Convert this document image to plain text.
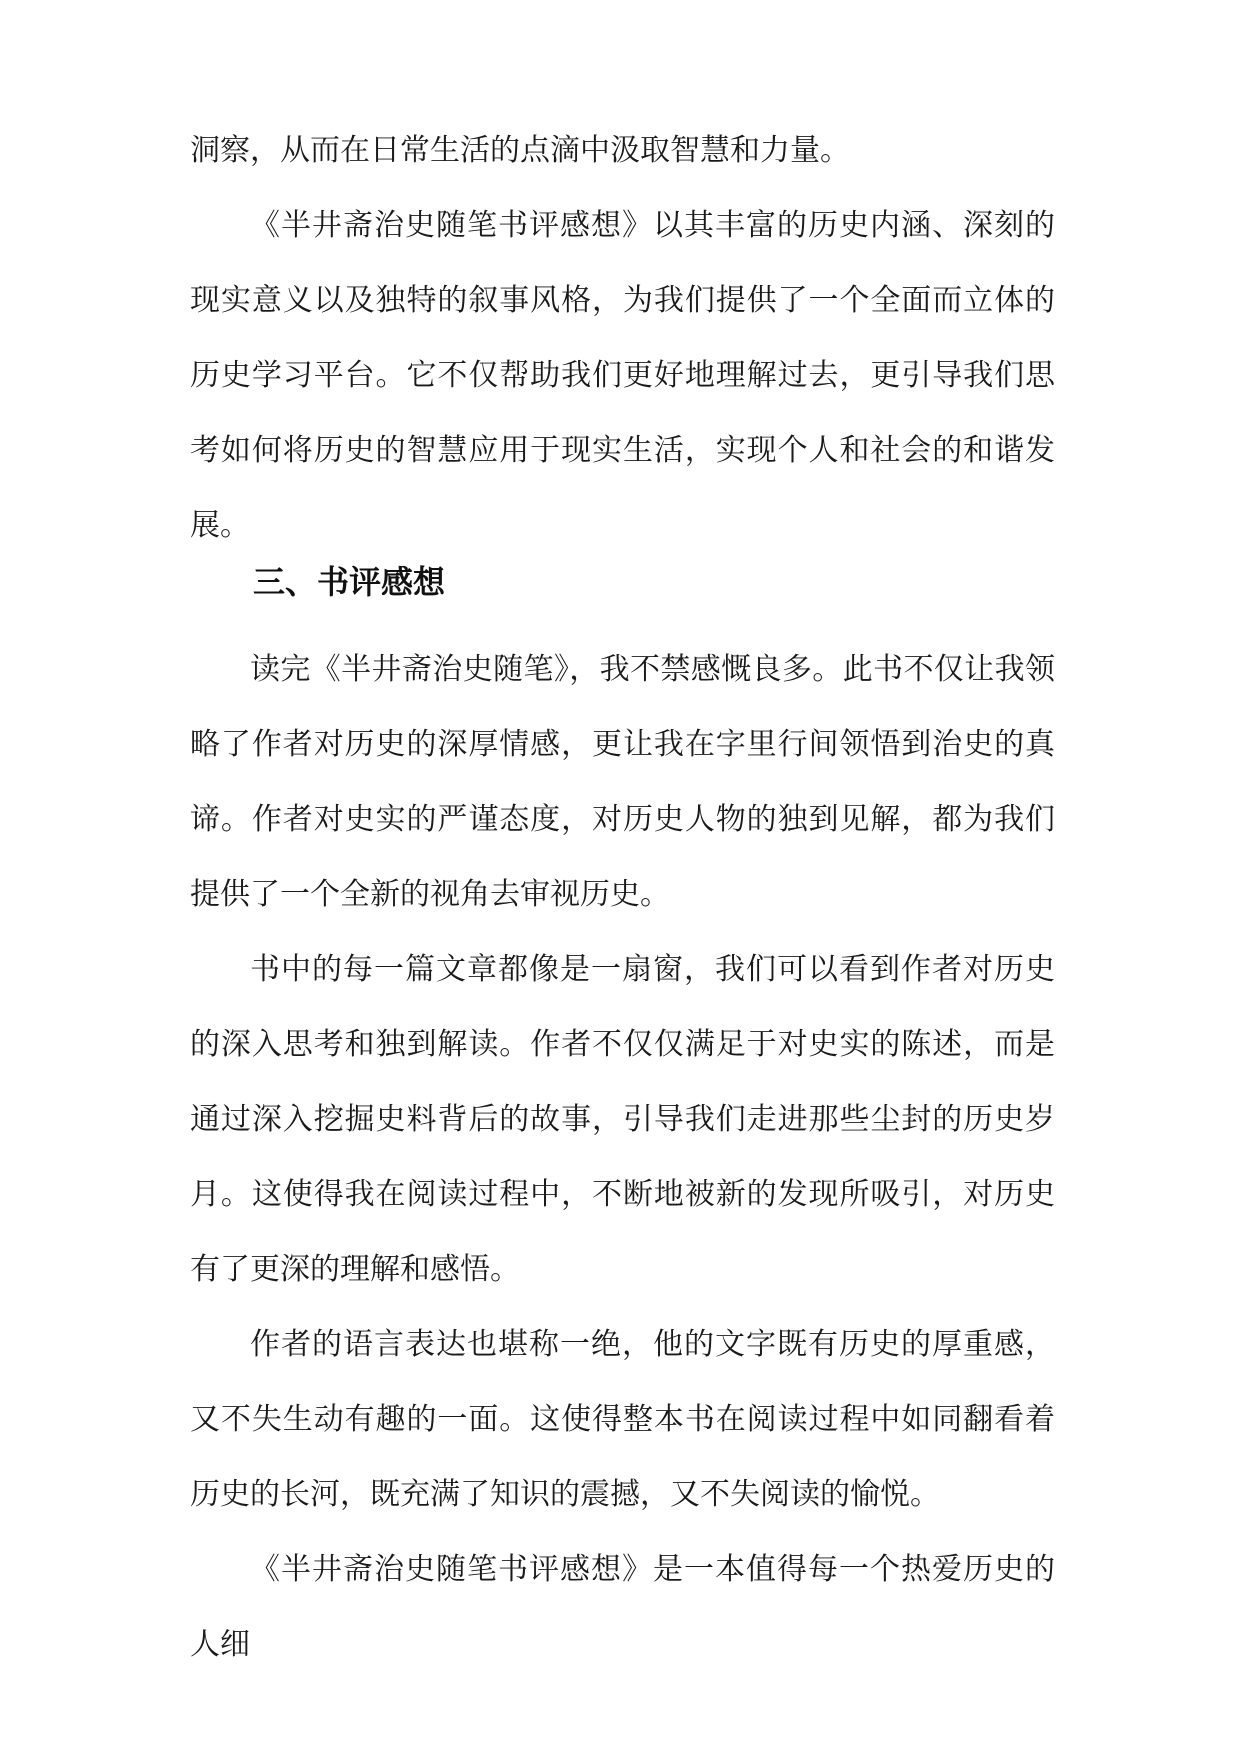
洞察，从而在日常生活的点滴中汲取智慧和力量。

《半井斋治史随笔书评感想》以其丰富的历史内涵、深刻的现实意义以及独特的叙事风格，为我们提供了一个全面而立体的历史学习平台。它不仅帮助我们更好地理解过去，更引导我们思考如何将历史的智慧应用于现实生活，实现个人和社会的和谐发展。

三、书评感想

读完《半井斋治史随笔》，我不禁感慨良多。此书不仅让我领略了作者对历史的深厚情感，更让我在字里行间领悟到治史的真谛。作者对史实的严谨态度，对历史人物的独到见解，都为我们提供了一个全新的视角去审视历史。

书中的每一篇文章都像是一扇窗，我们可以看到作者对历史的深入思考和独到解读。作者不仅仅满足于对史实的陈述，而是通过深入挖掘史料背后的故事，引导我们走进那些尘封的历史岁月。这使得我在阅读过程中，不断地被新的发现所吸引，对历史有了更深的理解和感悟。

作者的语言表达也堪称一绝，他的文字既有历史的厚重感，又不失生动有趣的一面。这使得整本书在阅读过程中如同翻看着历史的长河，既充满了知识的震撼，又不失阅读的愉悦。

《半井斋治史随笔书评感想》是一本值得每一个热爱历史的人细
